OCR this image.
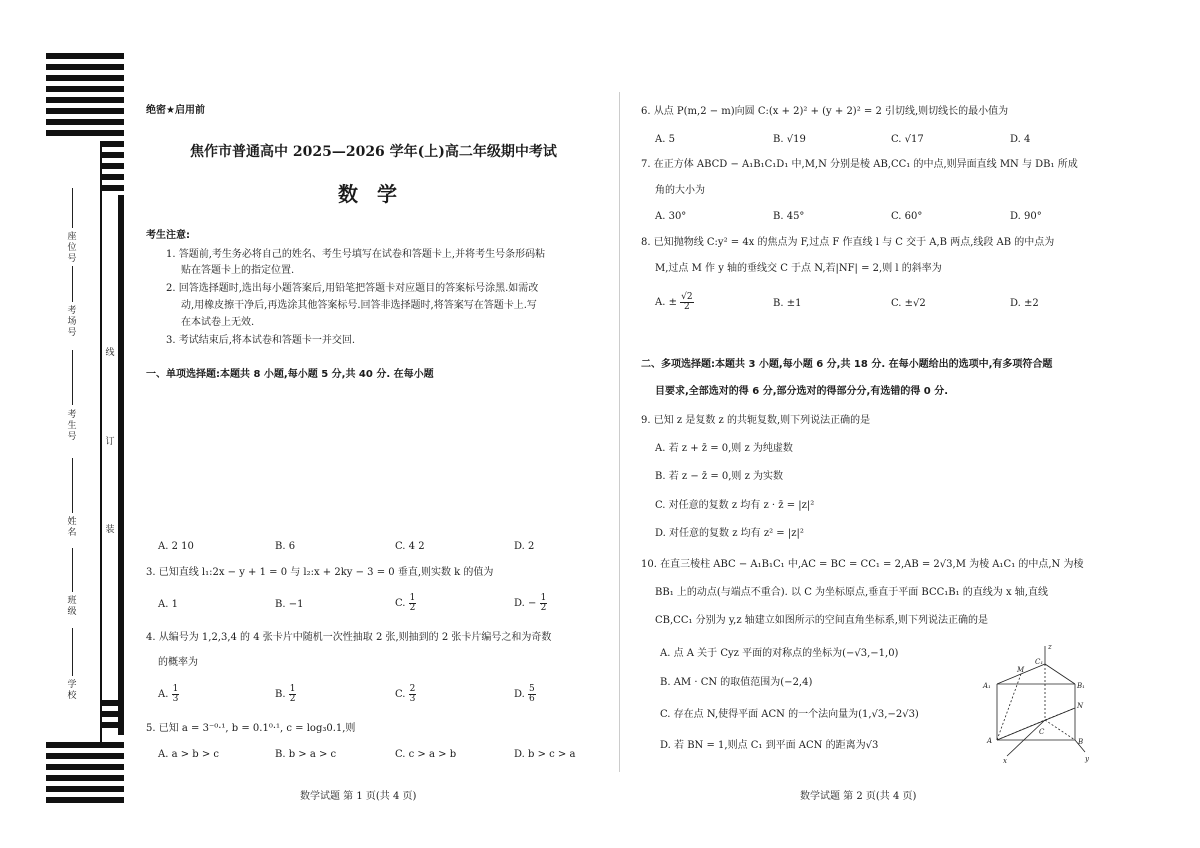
座位号
考场号
考生号
姓名
班级
学校
线
订
装
绝密★启用前
焦作市普通高中 2025—2026 学年(上)高二年级期中考试
数 学
考生注意:
1. 答题前,考生务必将自己的姓名、考生号填写在试卷和答题卡上,并将考生号条形码粘
贴在答题卡上的指定位置.
2. 回答选择题时,选出每小题答案后,用铅笔把答题卡对应题目的答案标号涂黑.如需改
动,用橡皮擦干净后,再选涂其他答案标号.回答非选择题时,将答案写在答题卡上.写
在本试卷上无效.
3. 考试结束后,将本试卷和答题卡一并交回.
一、单项选择题:本题共 8 小题,每小题 5 分,共 40 分. 在每小题
A. 2 10	B. 6	C. 4 2	D. 2
3. 已知直线 l₁:2x − y + 1 = 0 与 l₂:x + 2ky − 3 = 0 垂直,则实数 k 的值为
A. 1	B. −1	C. $\frac{1}{2}$	D. − $\frac{1}{2}$
4. 从编号为 1,2,3,4 的 4 张卡片中随机一次性抽取 2 张,则抽到的 2 张卡片编号之和为奇数
的概率为
A. $\frac{1}{3}$	B. $\frac{1}{2}$	C. $\frac{2}{3}$	D. $\frac{5}{6}$
5. 已知 a = 3⁻⁰·¹, b = 0.1⁰·¹, c = log₃0.1,则
A. a > b > c	B. b > a > c	C. c > a > b	D. b > c > a
数学试题 第 1 页(共 4 页)
6. 从点 P(m,2 − m)向圆 C:(x + 2)² + (y + 2)² = 2 引切线,则切线长的最小值为
A. 5	B. √19	C. √17	D. 4
7. 在正方体 ABCD − A₁B₁C₁D₁ 中,M,N 分别是棱 AB,CC₁ 的中点,则异面直线 MN 与 DB₁ 所成
角的大小为
A. 30°	B. 45°	C. 60°	D. 90°
8. 已知抛物线 C:y² = 4x 的焦点为 F,过点 F 作直线 l 与 C 交于 A,B 两点,线段 AB 的中点为
M,过点 M 作 y 轴的垂线交 C 于点 N,若|NF| = 2,则 l 的斜率为
A. ± $\frac{√2}{2}$	B. ±1	C. ±√2	D. ±2
二、多项选择题:本题共 3 小题,每小题 6 分,共 18 分. 在每小题给出的选项中,有多项符合题
目要求,全部选对的得 6 分,部分选对的得部分分,有选错的得 0 分.
9. 已知 z 是复数 z 的共轭复数,则下列说法正确的是
A. 若 z + z̄ = 0,则 z 为纯虚数
B. 若 z − z̄ = 0,则 z 为实数
C. 对任意的复数 z 均有 z · z̄ = |z|²
D. 对任意的复数 z 均有 z² = |z|²
10. 在直三棱柱 ABC − A₁B₁C₁ 中,AC = BC = CC₁ = 2,AB = 2√3,M 为棱 A₁C₁ 的中点,N 为棱
BB₁ 上的动点(与端点不重合). 以 C 为坐标原点,垂直于平面 BCC₁B₁ 的直线为 x 轴,直线
CB,CC₁ 分别为 y,z 轴建立如图所示的空间直角坐标系,则下列说法正确的是
A. 点 A 关于 Cyz 平面的对称点的坐标为(−√3,−1,0)
B. AM · CN 的取值范围为(−2,4)
C. 存在点 N,使得平面 ACN 的一个法向量为(1,√3,−2√3)
D. 若 BN = 1,则点 C₁ 到平面 ACN 的距离为√3
z
A₁	B₁
C₁
M
N
A	B
C
x	y
数学试题 第 2 页(共 4 页)
